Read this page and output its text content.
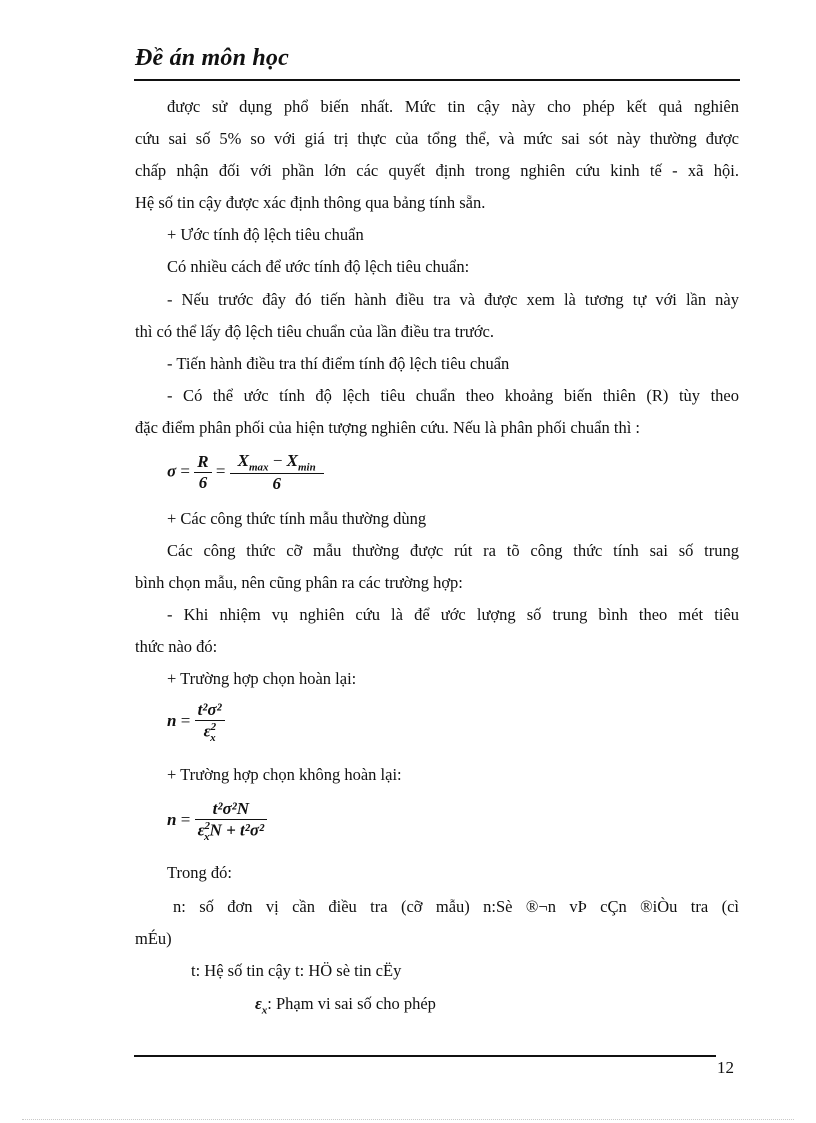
Đề án môn học
được sử dụng phổ biến nhất. Mức tin cậy này cho phép kết quả nghiên
cứu sai số 5% so với giá trị thực của tổng thể, và mức sai sót này thường được
chấp nhận đối với phần lớn các quyết định trong nghiên cứu kinh tế - xã hội.
Hệ số tin cậy được xác định thông qua bảng tính sẵn.
+ Ước tính độ lệch tiêu chuẩn
Có nhiều cách để ước tính độ lệch tiêu chuẩn:
- Nếu trước đây đó tiến hành điều tra và được xem là tương tự với lần này
thì có thể lấy độ lệch tiêu chuẩn của lần điều tra trước.
- Tiến hành điều tra thí điểm tính độ lệch tiêu chuẩn
- Có thể ước tính độ lệch tiêu chuẩn theo khoảng biến thiên (R) tùy theo
đặc điểm phân phối của hiện tượng nghiên cứu. Nếu là phân phối chuẩn thì :
$\sigma = \frac{R}{6} = \frac{X_{max} - X_{min}}{6}$
+ Các công thức tính mẫu thường dùng
Các công thức cỡ mẫu thường được rút ra tõ công thức tính sai số trung
bình chọn mẫu, nên cũng phân ra các trường hợp:
- Khi nhiệm vụ nghiên cứu là để ước lượng số trung bình theo mét tiêu
thức nào đó:
+ Trường hợp chọn hoàn lại:
$n = \frac{\text{t²σ²}}{\varepsilon^2_x}$
+ Trường hợp chọn không hoàn lại:
$n = \frac{\text{t²σ²N}}{\varepsilon^2_xN + t^2\sigma^2}$
Trong đó:
n: số đơn vị cần điều tra (cỡ mẫu) n:Sè ®¬n vÞ cÇn ®iÒu tra (cì
mÉu)
t: Hệ số tin cậy t: HÖ sè tin cËy
$\varepsilon_x$: Phạm vi sai số cho phép
12
